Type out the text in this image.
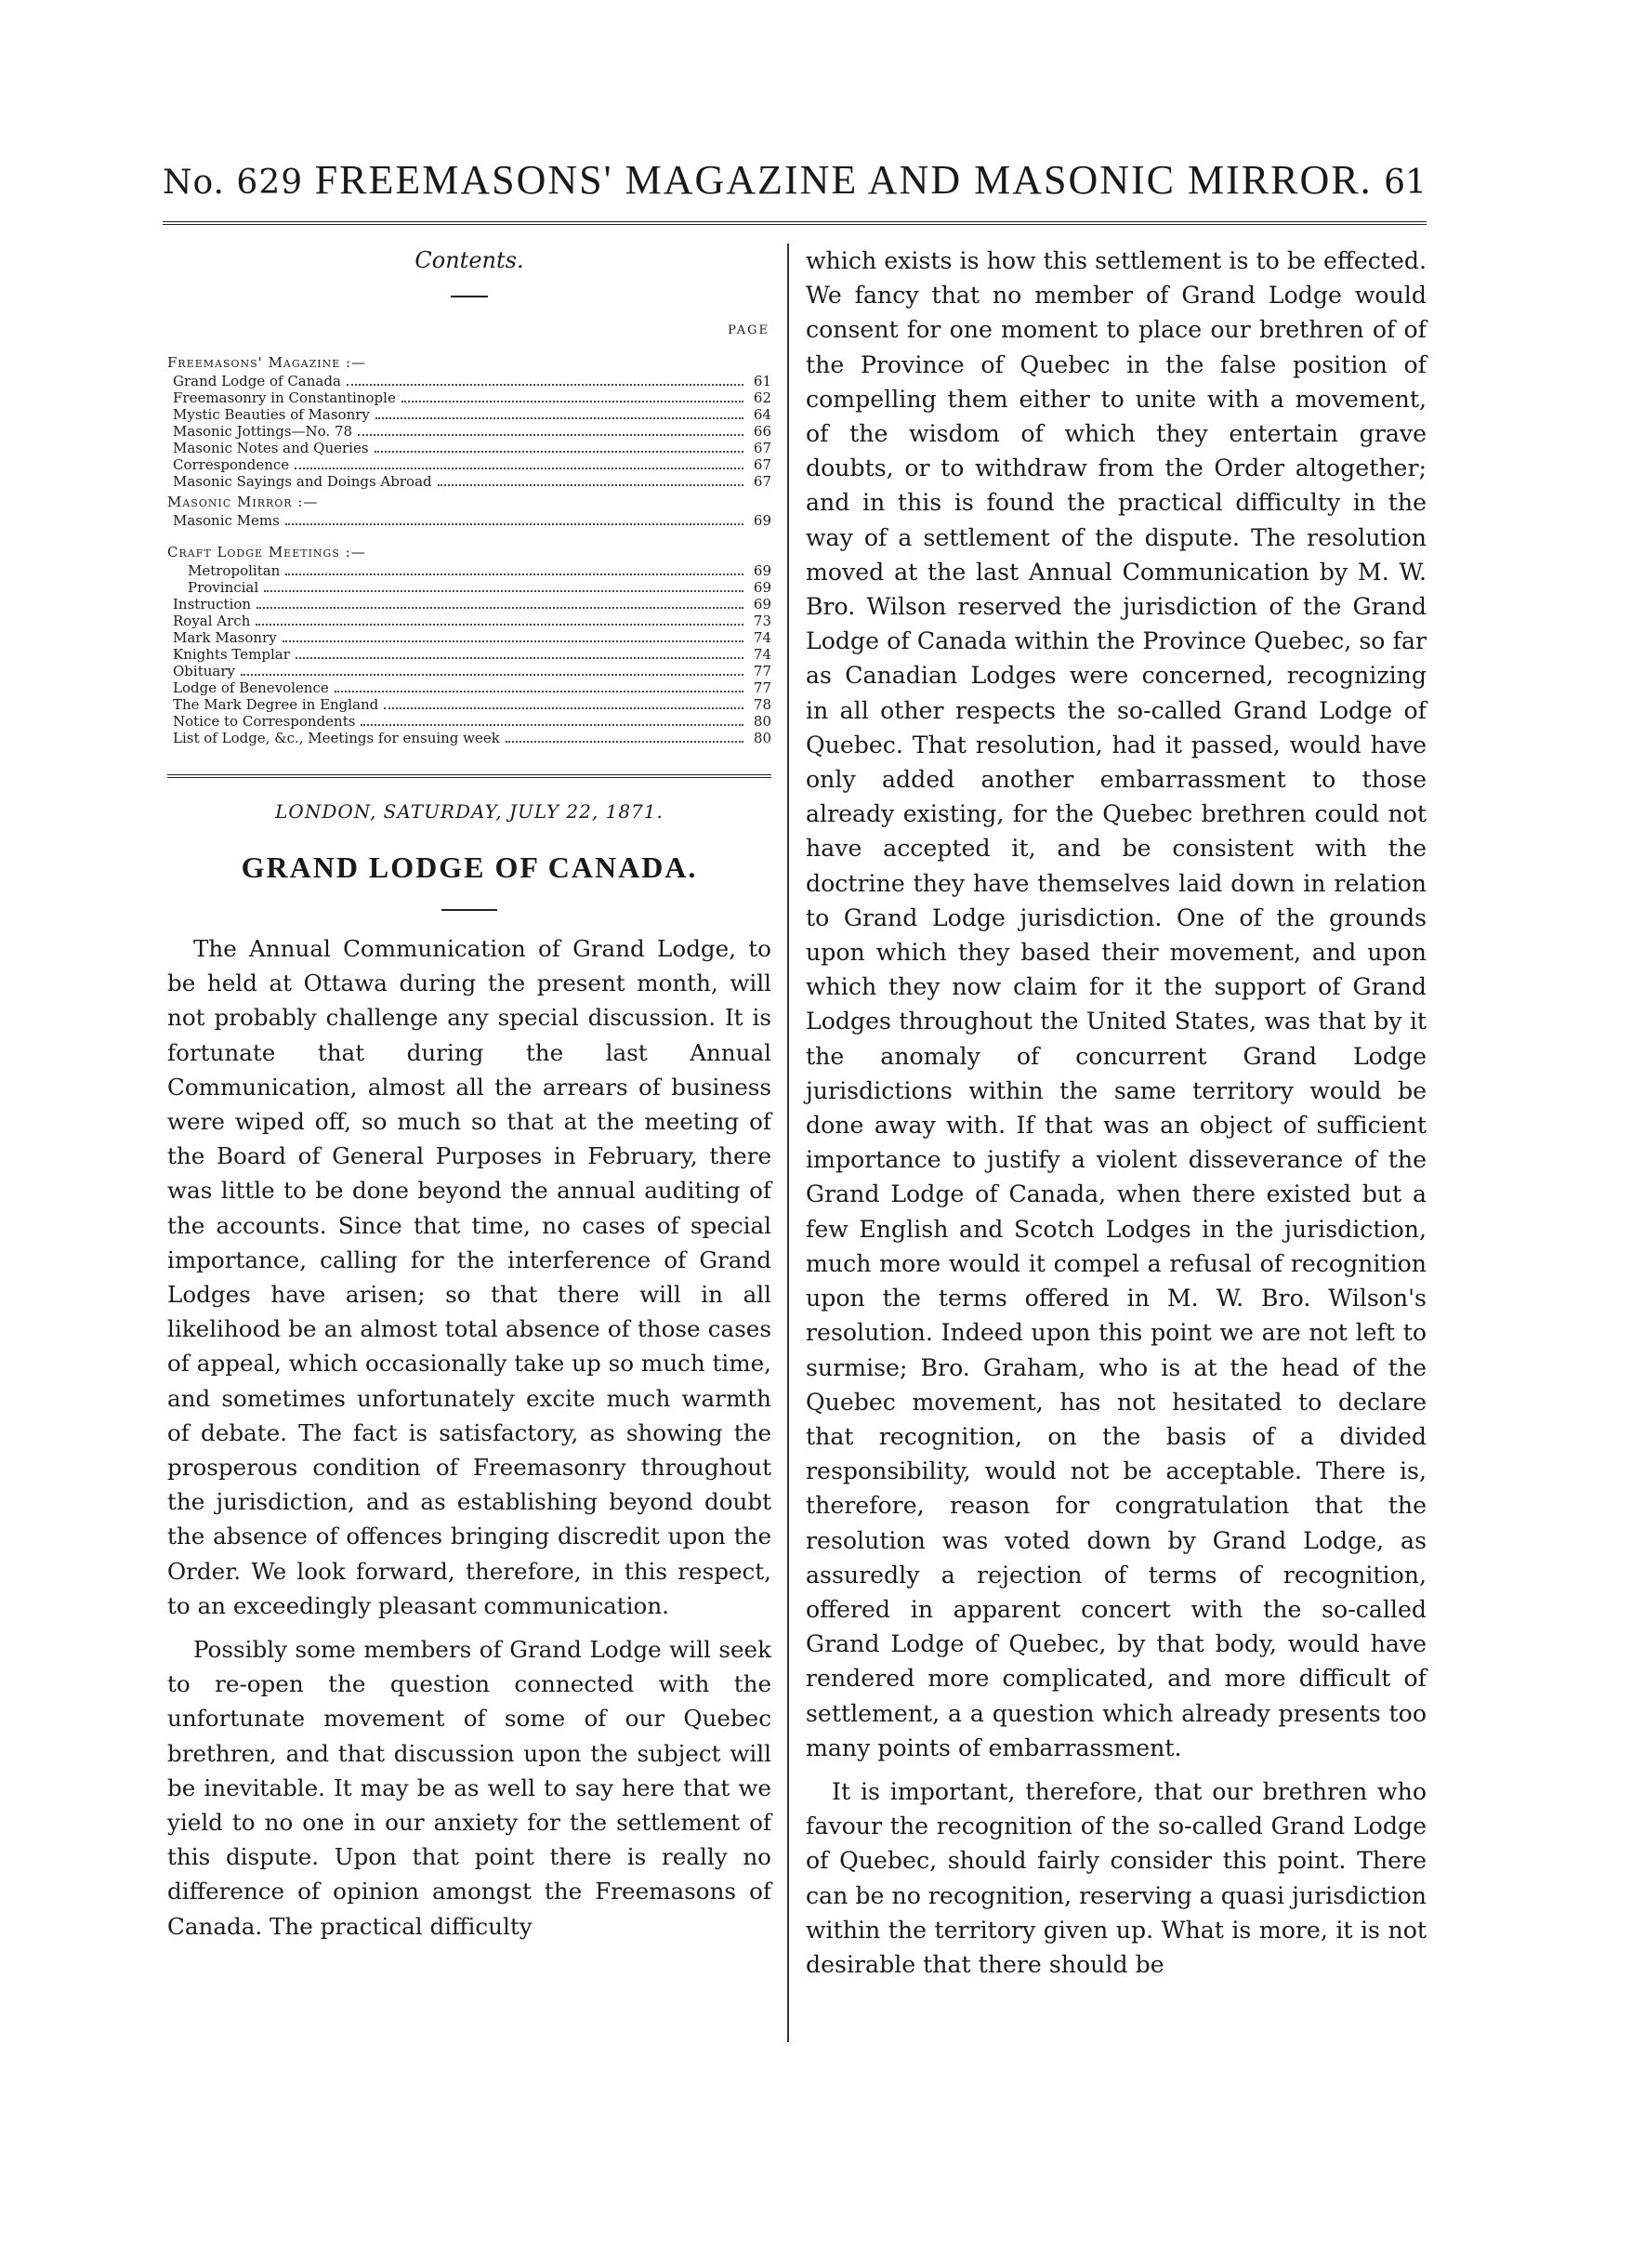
No. 629 FREEMASONS' MAGAZINE AND MASONIC MIRROR. 61
Contents.
PAGE
Freemasons' Magazine :—
Grand Lodge of Canada	61
Freemasonry in Constantinople	62
Mystic Beauties of Masonry	64
Masonic Jottings—No. 78	66
Masonic Notes and Queries	67
Correspondence	67
Masonic Sayings and Doings Abroad	67
Masonic Mirror :—
Masonic Mems	69
Craft Lodge Meetings :—
Metropolitan	69
Provincial	69
Instruction	69
Royal Arch	73
Mark Masonry	74
Knights Templar	74
Obituary	77
Lodge of Benevolence	77
The Mark Degree in England	78
Notice to Correspondents	80
List of Lodge, &c., Meetings for ensuing week	80
LONDON, SATURDAY, JULY 22, 1871.
GRAND LODGE OF CANADA.

The Annual Communication of Grand Lodge, to be held at Ottawa during the present month, will not probably challenge any special discussion. It is fortunate that during the last Annual Communication, almost all the arrears of business were wiped off, so much so that at the meeting of the Board of General Purposes in February, there was little to be done beyond the annual auditing of the accounts. Since that time, no cases of special importance, calling for the interference of Grand Lodges have arisen; so that there will in all likelihood be an almost total absence of those cases of appeal, which occasionally take up so much time, and sometimes unfortunately excite much warmth of debate. The fact is satisfactory, as showing the prosperous condition of Freemasonry throughout the jurisdiction, and as establishing beyond doubt the absence of offences bringing discredit upon the Order. We look forward, therefore, in this respect, to an exceedingly pleasant communication.

Possibly some members of Grand Lodge will seek to re-open the question connected with the unfortunate movement of some of our Quebec brethren, and that discussion upon the subject will be inevitable. It may be as well to say here that we yield to no one in our anxiety for the settlement of this dispute. Upon that point there is really no difference of opinion amongst the Freemasons of Canada. The practical difficulty

which exists is how this settlement is to be effected. We fancy that no member of Grand Lodge would consent for one moment to place our brethren of of the Province of Quebec in the false position of compelling them either to unite with a movement, of the wisdom of which they entertain grave doubts, or to withdraw from the Order altogether; and in this is found the practical difficulty in the way of a settlement of the dispute. The resolution moved at the last Annual Communication by M. W. Bro. Wilson reserved the jurisdiction of the Grand Lodge of Canada within the Province Quebec, so far as Canadian Lodges were concerned, recognizing in all other respects the so-called Grand Lodge of Quebec. That resolution, had it passed, would have only added another embarrassment to those already existing, for the Quebec brethren could not have accepted it, and be consistent with the doctrine they have themselves laid down in relation to Grand Lodge jurisdiction. One of the grounds upon which they based their movement, and upon which they now claim for it the support of Grand Lodges throughout the United States, was that by it the anomaly of concurrent Grand Lodge jurisdictions within the same territory would be done away with. If that was an object of sufficient importance to justify a violent disseverance of the Grand Lodge of Canada, when there existed but a few English and Scotch Lodges in the jurisdiction, much more would it compel a refusal of recognition upon the terms offered in M. W. Bro. Wilson's resolution. Indeed upon this point we are not left to surmise; Bro. Graham, who is at the head of the Quebec movement, has not hesitated to declare that recognition, on the basis of a divided responsibility, would not be acceptable. There is, therefore, reason for congratulation that the resolution was voted down by Grand Lodge, as assuredly a rejection of terms of recognition, offered in apparent concert with the so-called Grand Lodge of Quebec, by that body, would have rendered more complicated, and more difficult of settlement, a a question which already presents too many points of embarrassment.

It is important, therefore, that our brethren who favour the recognition of the so-called Grand Lodge of Quebec, should fairly consider this point. There can be no recognition, reserving a quasi jurisdiction within the territory given up. What is more, it is not desirable that there should be
